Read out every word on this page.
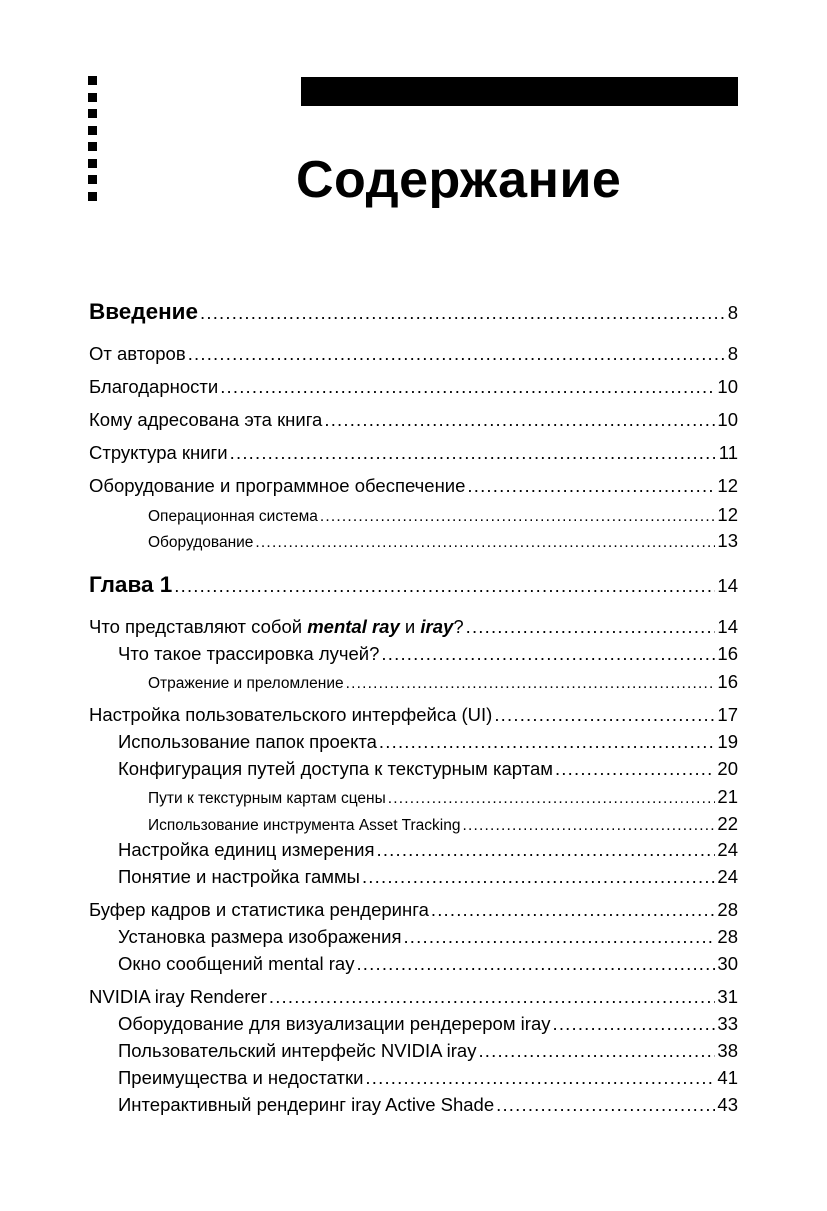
Содержание
Введение .....	8
От авторов .....	8
Благодарности .....	10
Кому адресована эта книга .....	10
Структура книги .....	11
Оборудование и программное обеспечение .....	12
Операционная система .....	12
Оборудование .....	13
Глава 1 .....	14
Что представляют собой mental ray и iray? .....	14
Что такое трассировка лучей? .....	16
Отражение и преломление .....	16
Настройка пользовательского интерфейса (UI) .....	17
Использование папок проекта .....	19
Конфигурация путей доступа к текстурным картам .....	20
Пути к текстурным картам сцены .....	21
Использование инструмента Asset Tracking .....	22
Настройка единиц измерения .....	24
Понятие и настройка гаммы .....	24
Буфер кадров и статистика рендеринга .....	28
Установка размера изображения .....	28
Окно сообщений mental ray .....	30
NVIDIA iray Renderer .....	31
Оборудование для визуализации рендерером iray .....	33
Пользовательский интерфейс NVIDIA iray .....	38
Преимущества и недостатки .....	41
Интерактивный рендеринг iray Active Shade .....	43
